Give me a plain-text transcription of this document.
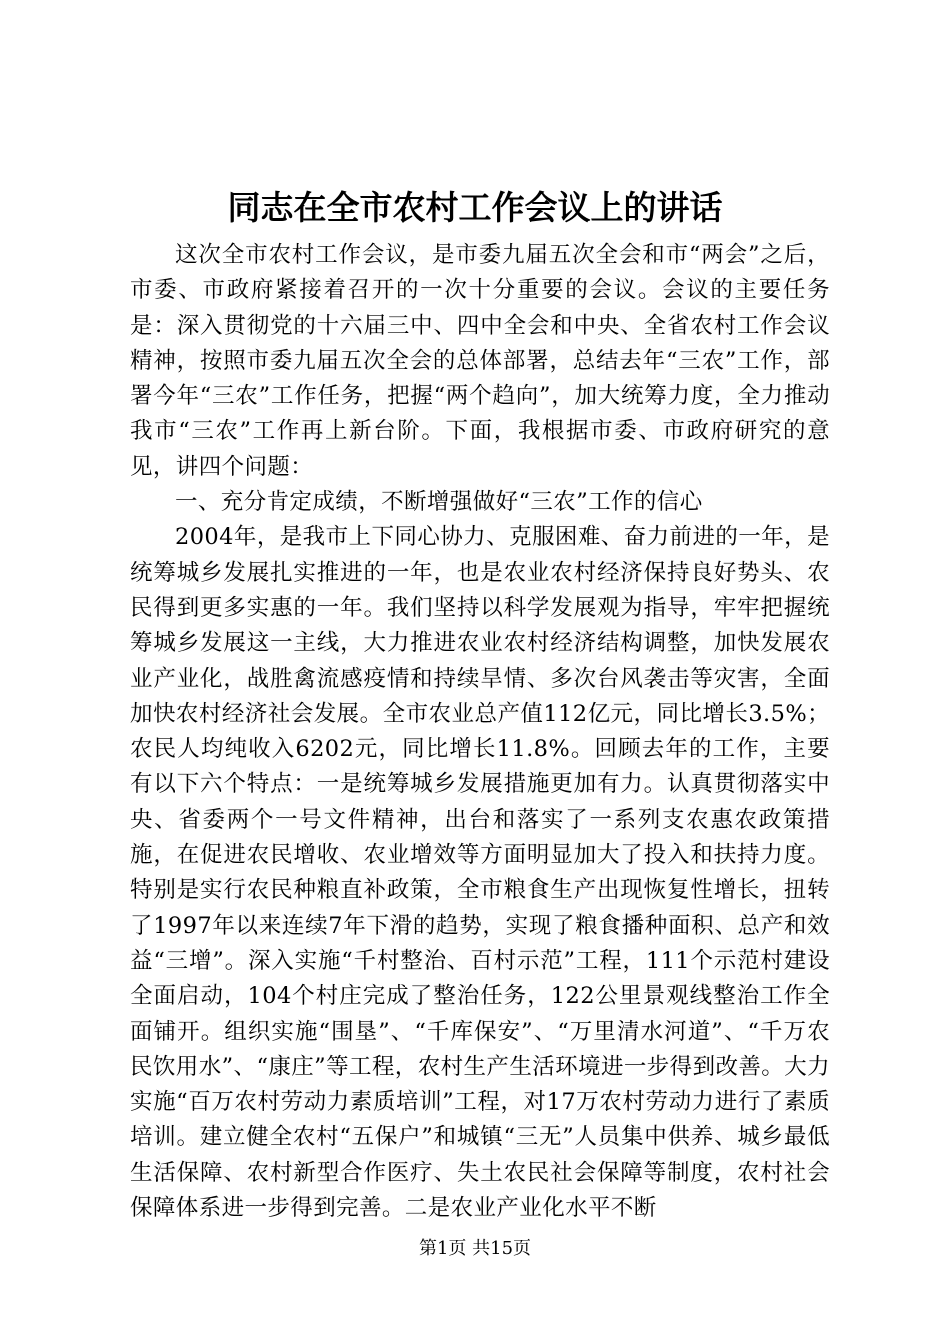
同志在全市农村工作会议上的讲话

这次全市农村工作会议，是市委九届五次全会和市“两会”之后，市委、市政府紧接着召开的一次十分重要的会议。会议的主要任务是：深入贯彻党的十六届三中、四中全会和中央、全省农村工作会议精神，按照市委九届五次全会的总体部署，总结去年“三农”工作，部署今年“三农”工作任务，把握“两个趋向”，加大统筹力度，全力推动我市“三农”工作再上新台阶。下面，我根据市委、市政府研究的意见，讲四个问题：

一、充分肯定成绩，不断增强做好“三农”工作的信心

2004年，是我市上下同心协力、克服困难、奋力前进的一年，是统筹城乡发展扎实推进的一年，也是农业农村经济保持良好势头、农民得到更多实惠的一年。我们坚持以科学发展观为指导，牢牢把握统筹城乡发展这一主线，大力推进农业农村经济结构调整，加快发展农业产业化，战胜禽流感疫情和持续旱情、多次台风袭击等灾害，全面加快农村经济社会发展。全市农业总产值112亿元，同比增长3.5%；农民人均纯收入6202元，同比增长11.8%。回顾去年的工作，主要有以下六个特点：一是统筹城乡发展措施更加有力。认真贯彻落实中央、省委两个一号文件精神，出台和落实了一系列支农惠农政策措施，在促进农民增收、农业增效等方面明显加大了投入和扶持力度。特别是实行农民种粮直补政策，全市粮食生产出现恢复性增长，扭转了1997年以来连续7年下滑的趋势，实现了粮食播种面积、总产和效益“三增”。深入实施“千村整治、百村示范”工程，111个示范村建设全面启动，104个村庄完成了整治任务，122公里景观线整治工作全面铺开。组织实施“围垦”、“千库保安”、“万里清水河道”、“千万农民饮用水”、“康庄”等工程，农村生产生活环境进一步得到改善。大力实施“百万农村劳动力素质培训”工程，对17万农村劳动力进行了素质培训。建立健全农村“五保户”和城镇“三无”人员集中供养、城乡最低生活保障、农村新型合作医疗、失土农民社会保障等制度，农村社会保障体系进一步得到完善。二是农业产业化水平不断

第1页 共15页
